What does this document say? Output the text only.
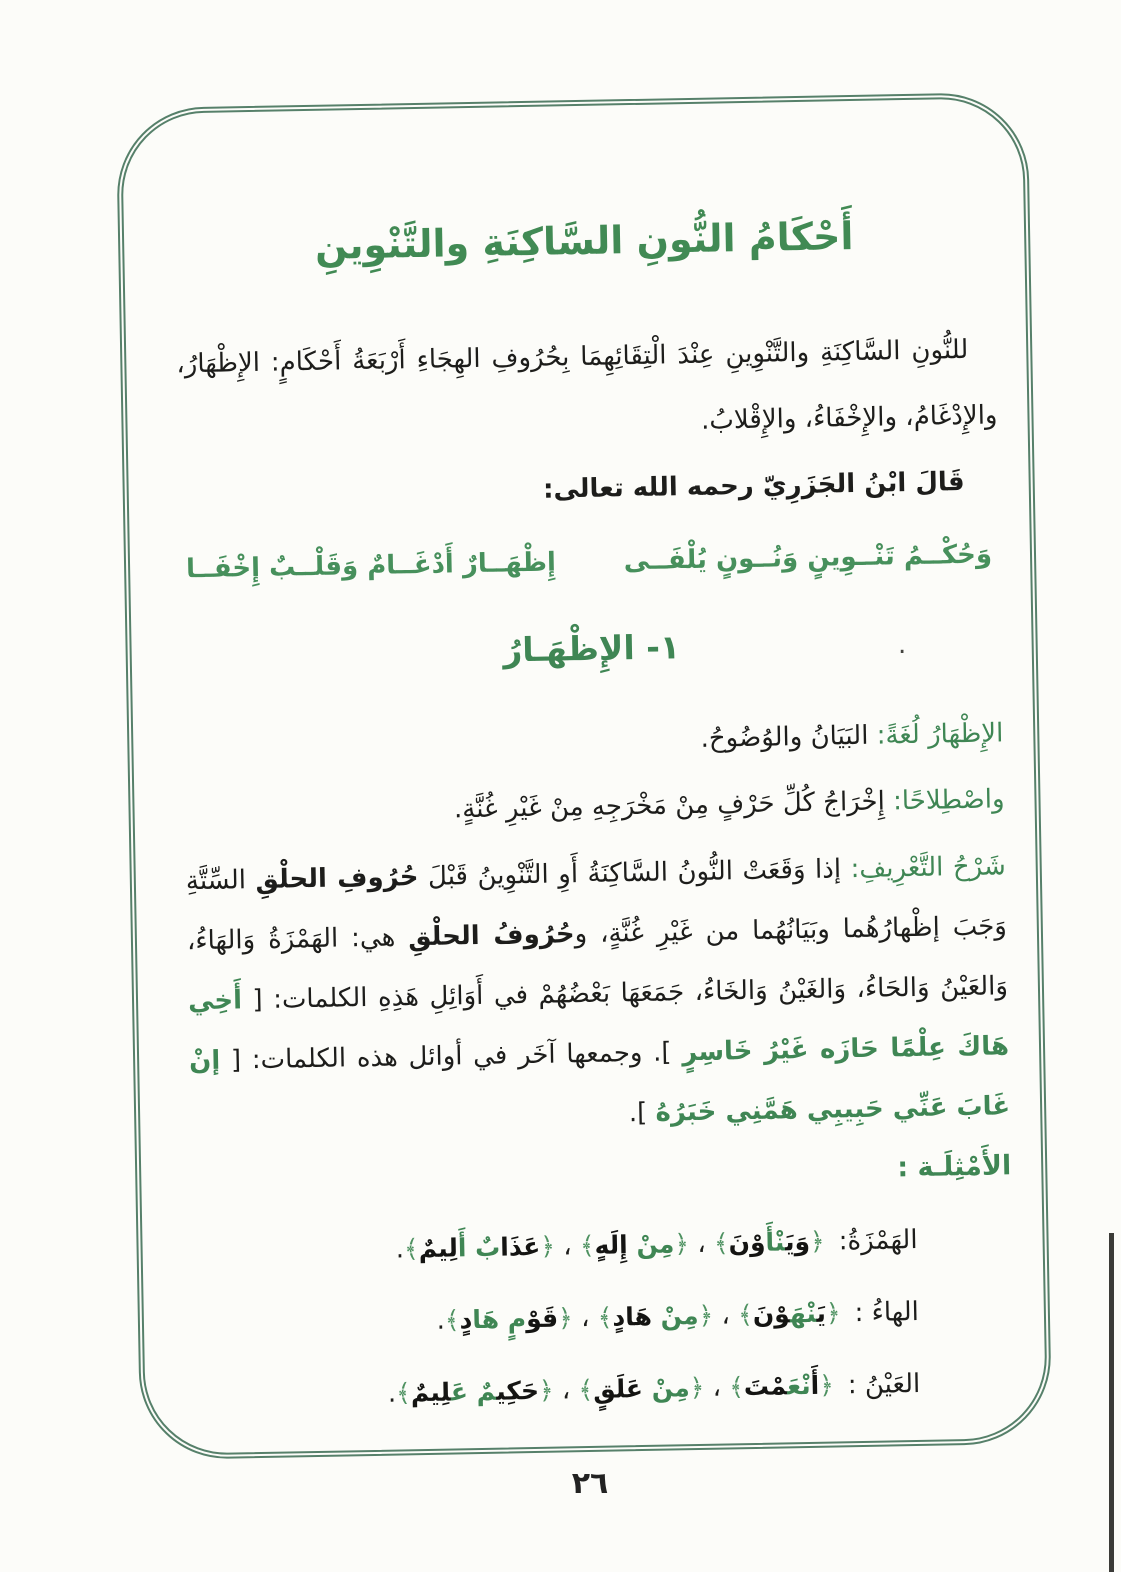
أَحْكَامُ النُّونِ السَّاكِنَةِ والتَّنْوِينِ
للنُّونِ السَّاكِنَةِ والتَّنْوِينِ عِنْدَ الْتِقَائِهِمَا بِحُرُوفِ الهِجَاءِ أَرْبَعَةُ أَحْكَامٍ: الإِظْهَارُ، والإِدْغَامُ، والإِخْفَاءُ، والإِقْلابُ.
قَالَ ابْنُ الجَزَرِيّ رحمه الله تعالى:
وَحُكْــمُ تَنْــوِينٍ وَنُــونٍ يُلْفَــى
إِظْهَــارٌ أَدْغَــامٌ وَقَلْــبٌ إِخْفَــا
١- الإِظْهَـارُ
الإِظْهَارُ لُغَةً: البَيَانُ والوُضُوحُ.
واصْطِلاحًا: إِخْرَاجُ كُلِّ حَرْفٍ مِنْ مَخْرَجِهِ مِنْ غَيْرِ غُنَّةٍ.
شَرْحُ التَّعْرِيفِ: إذا وَقَعَتْ النُّونُ السَّاكِنَةُ أَوِ التَّنْوِينُ قَبْلَ حُرُوفِ الحلْقِ السِّتَّةِ وَجَبَ إظْهارُهُما وبَيَانُهُما من غَيْرِ غُنَّةٍ، وحُرُوفُ الحلْقِ هي: الهَمْزَةُ وَالهَاءُ، وَالعَيْنُ وَالحَاءُ، وَالغَيْنُ وَالخَاءُ، جَمَعَهَا بَعْضُهُمْ في أَوَائِلِ هَذِهِ الكلمات: [ أَخِي هَاكَ عِلْمًا حَازَه غَيْرُ خَاسِرٍ ]. وجمعها آخَر في أوائل هذه الكلمات: [ إنْ غَابَ عَنِّي حَبِيبِي هَمَّنِي خَبَرُهُ ].
الأَمْثِلَـة :
الهَمْزَةُ:﴿وَيَنْأَوْنَ﴾ ، ﴿مِنْ إِلَهٍ﴾ ، ﴿عَذَابٌ أَلِيمٌ﴾.
الهاءُ :﴿يَنْهَوْنَ﴾ ، ﴿مِنْ هَادٍ﴾ ، ﴿قَوْمٍ هَادٍ﴾.
العَيْنُ :﴿أَنْعَمْتَ﴾ ، ﴿مِنْ عَلَقٍ﴾ ، ﴿حَكِيمٌ عَلِيمٌ﴾.
.
٢٦
